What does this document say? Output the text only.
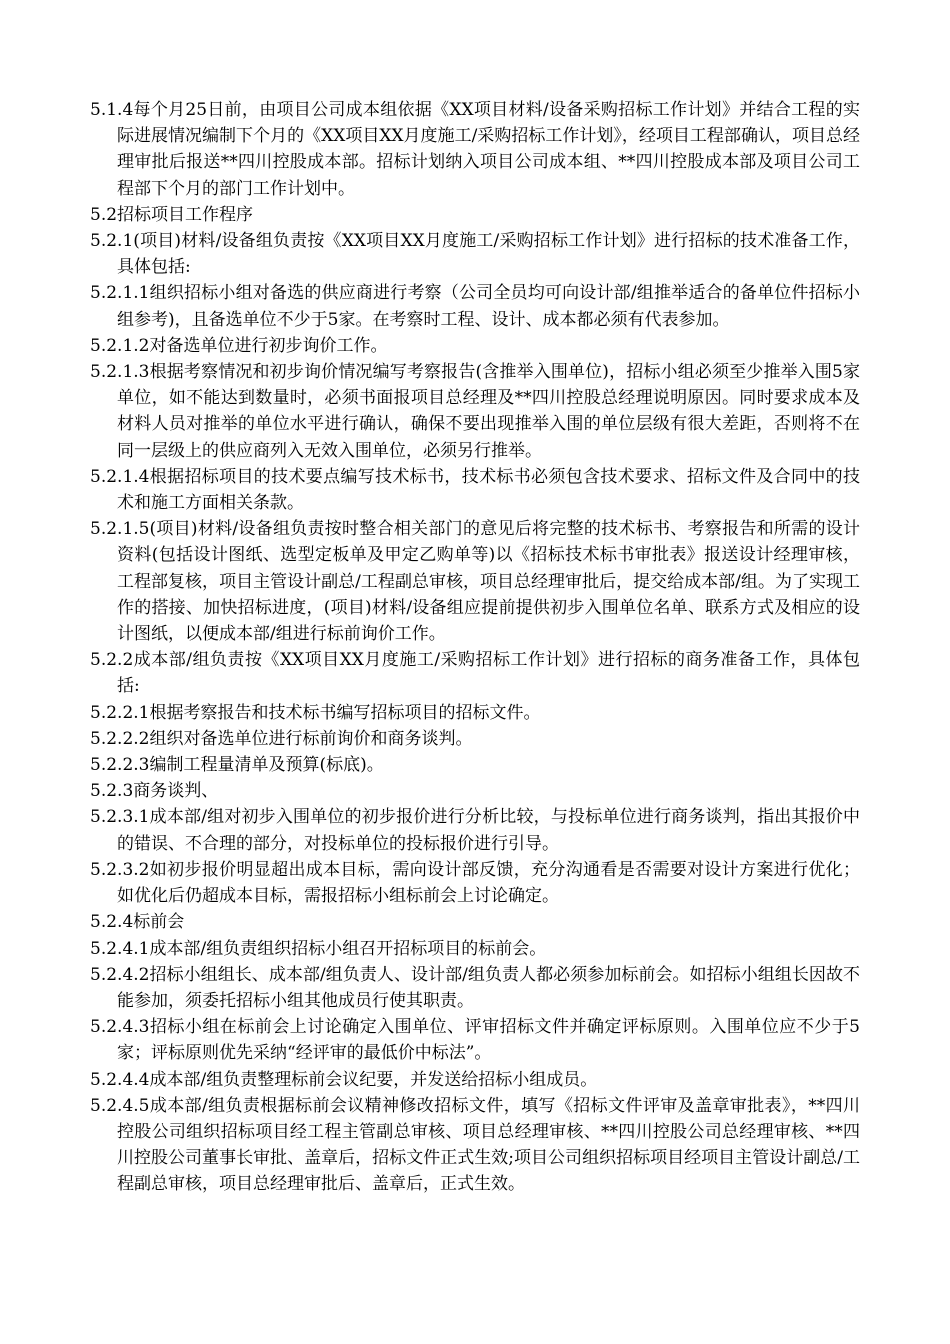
5.1.4每个月25日前，由项目公司成本组依据《XX项目材料/设备采购招标工作计划》并结合工程的实际进展情况编制下个月的《XX项目XX月度施工/采购招标工作计划》，经项目工程部确认，项目总经理审批后报送**四川控股成本部。招标计划纳入项目公司成本组、**四川控股成本部及项目公司工程部下个月的部门工作计划中。

5.2招标项目工作程序

5.2.1(项目)材料/设备组负责按《XX项目XX月度施工/采购招标工作计划》进行招标的技术准备工作，具体包括:

5.2.1.1组织招标小组对备选的供应商进行考察（公司全员均可向设计部/组推举适合的备单位件招标小组参考)，且备选单位不少于5家。在考察时工程、设计、成本都必须有代表参加。

5.2.1.2对备选单位进行初步询价工作。

5.2.1.3根据考察情况和初步询价情况编写考察报告(含推举入围单位)，招标小组必须至少推举入围5家单位，如不能达到数量时，必须书面报项目总经理及**四川控股总经理说明原因。同时要求成本及材料人员对推举的单位水平进行确认，确保不要出现推举入围的单位层级有很大差距，否则将不在同一层级上的供应商列入无效入围单位，必须另行推举。

5.2.1.4根据招标项目的技术要点编写技术标书，技术标书必须包含技术要求、招标文件及合同中的技术和施工方面相关条款。

5.2.1.5(项目)材料/设备组负责按时整合相关部门的意见后将完整的技术标书、考察报告和所需的设计资料(包括设计图纸、选型定板单及甲定乙购单等)以《招标技术标书审批表》报送设计经理审核，工程部复核，项目主管设计副总/工程副总审核，项目总经理审批后，提交给成本部/组。为了实现工作的搭接、加快招标进度，(项目)材料/设备组应提前提供初步入围单位名单、联系方式及相应的设计图纸，以便成本部/组进行标前询价工作。

5.2.2成本部/组负责按《XX项目XX月度施工/采购招标工作计划》进行招标的商务准备工作，具体包括:

5.2.2.1根据考察报告和技术标书编写招标项目的招标文件。

5.2.2.2组织对备选单位进行标前询价和商务谈判。

5.2.2.3编制工程量清单及预算(标底)。

5.2.3商务谈判、

5.2.3.1成本部/组对初步入围单位的初步报价进行分析比较，与投标单位进行商务谈判，指出其报价中的错误、不合理的部分，对投标单位的投标报价进行引导。

5.2.3.2如初步报价明显超出成本目标，需向设计部反馈，充分沟通看是否需要对设计方案进行优化；如优化后仍超成本目标，需报招标小组标前会上讨论确定。

5.2.4标前会

5.2.4.1成本部/组负责组织招标小组召开招标项目的标前会。

5.2.4.2招标小组组长、成本部/组负责人、设计部/组负责人都必须参加标前会。如招标小组组长因故不能参加，须委托招标小组其他成员行使其职责。

5.2.4.3招标小组在标前会上讨论确定入围单位、评审招标文件并确定评标原则。入围单位应不少于5家；评标原则优先采纳“经评审的最低价中标法”。

5.2.4.4成本部/组负责整理标前会议纪要，并发送给招标小组成员。

5.2.4.5成本部/组负责根据标前会议精神修改招标文件，填写《招标文件评审及盖章审批表》，**四川控股公司组织招标项目经工程主管副总审核、项目总经理审核、**四川控股公司总经理审核、**四川控股公司董事长审批、盖章后，招标文件正式生效;项目公司组织招标项目经项目主管设计副总/工程副总审核，项目总经理审批后、盖章后，正式生效。
